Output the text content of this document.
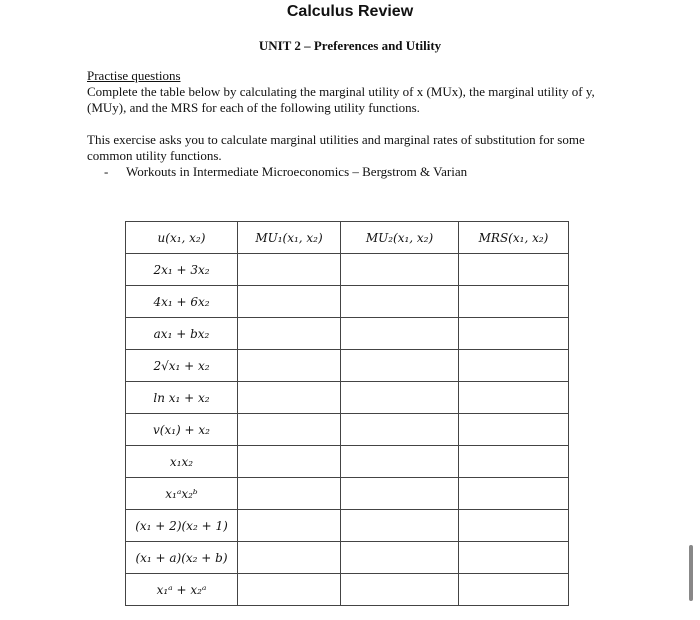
Calculus Review
UNIT 2 – Preferences and Utility
Practise questions
Complete the table below by calculating the marginal utility of x (MUx), the marginal utility of y, (MUy), and the MRS for each of the following utility functions.
This exercise asks you to calculate marginal utilities and marginal rates of substitution for some common utility functions.
- Workouts in Intermediate Microeconomics – Bergstrom & Varian
u(x₁, x₂)	MU₁(x₁, x₂)	MU₂(x₁, x₂)	MRS(x₁, x₂)
2x₁ + 3x₂			
4x₁ + 6x₂			
ax₁ + bx₂			
2√x₁ + x₂			
ln x₁ + x₂			
v(x₁) + x₂			
x₁x₂			
x₁ᵃx₂ᵇ			
(x₁ + 2)(x₂ + 1)			
(x₁ + a)(x₂ + b)			
x₁ᵃ + x₂ᵃ			
